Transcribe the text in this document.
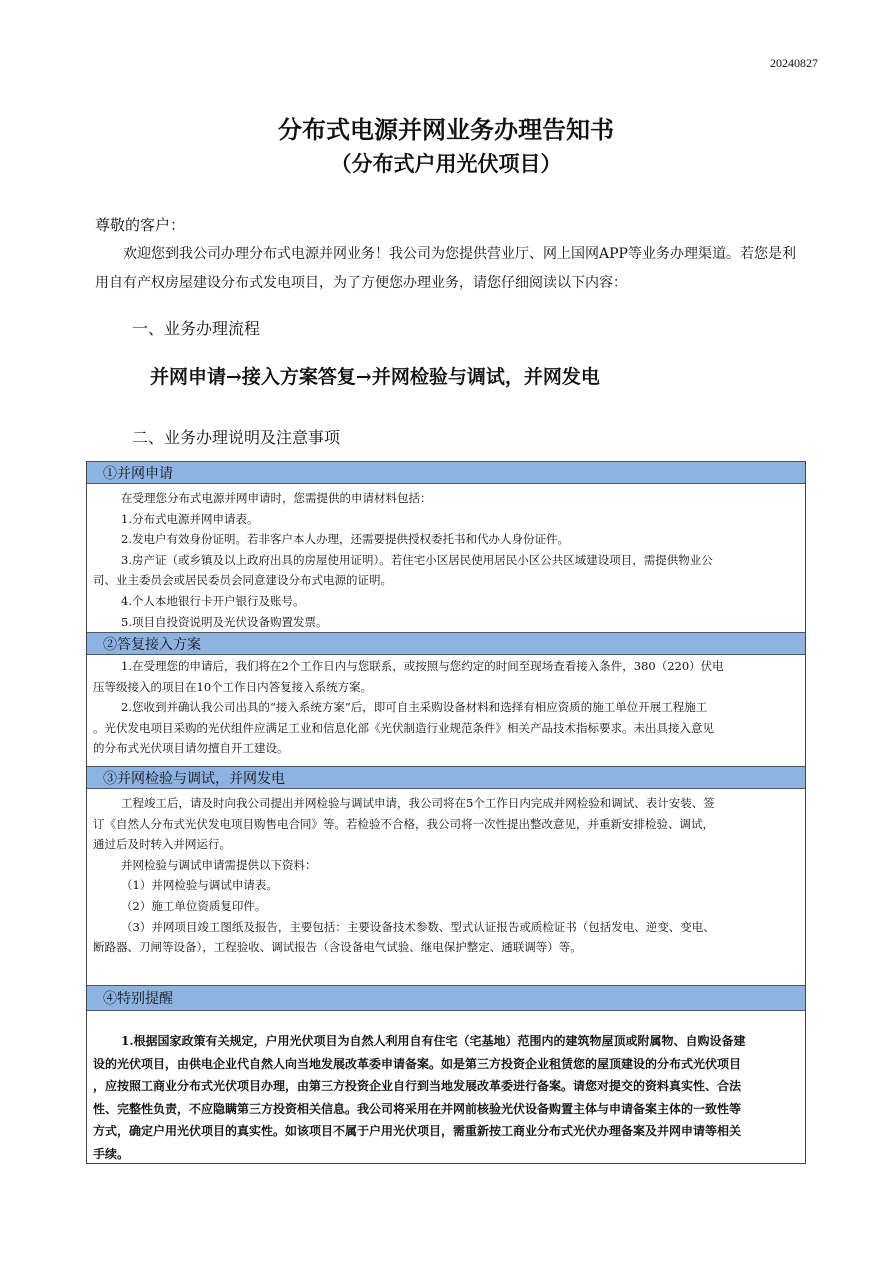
20240827
分布式电源并网业务办理告知书
（分布式户用光伏项目）
尊敬的客户：
欢迎您到我公司办理分布式电源并网业务！我公司为您提供营业厅、网上国网APP等业务办理渠道。若您是利
用自有产权房屋建设分布式发电项目，为了方便您办理业务，请您仔细阅读以下内容：
一、业务办理流程
并网申请→接入方案答复→并网检验与调试，并网发电
二、业务办理说明及注意事项
①并网申请
在受理您分布式电源并网申请时，您需提供的申请材料包括：
1.分布式电源并网申请表。
2.发电户有效身份证明。若非客户本人办理，还需要提供授权委托书和代办人身份证件。
3.房产证（或乡镇及以上政府出具的房屋使用证明）。若住宅小区居民使用居民小区公共区域建设项目，需提供物业公
司、业主委员会或居民委员会同意建设分布式电源的证明。
4.个人本地银行卡开户银行及账号。
5.项目自投资说明及光伏设备购置发票。
②答复接入方案
1.在受理您的申请后，我们将在2个工作日内与您联系，或按照与您约定的时间至现场查看接入条件，380（220）伏电
压等级接入的项目在10个工作日内答复接入系统方案。
2.您收到并确认我公司出具的“接入系统方案”后，即可自主采购设备材料和选择有相应资质的施工单位开展工程施工
。光伏发电项目采购的光伏组件应满足工业和信息化部《光伏制造行业规范条件》相关产品技术指标要求。未出具接入意见
的分布式光伏项目请勿擅自开工建设。
③并网检验与调试，并网发电
工程竣工后，请及时向我公司提出并网检验与调试申请，我公司将在5个工作日内完成并网检验和调试、表计安装、签
订《自然人分布式光伏发电项目购售电合同》等。若检验不合格，我公司将一次性提出整改意见，并重新安排检验、调试，
通过后及时转入并网运行。
并网检验与调试申请需提供以下资料：
（1）并网检验与调试申请表。
（2）施工单位资质复印件。
（3）并网项目竣工图纸及报告，主要包括：主要设备技术参数、型式认证报告或质检证书（包括发电、逆变、变电、
断路器、刀闸等设备），工程验收、调试报告（含设备电气试验、继电保护整定、通联调等）等。
④特别提醒
1.根据国家政策有关规定，户用光伏项目为自然人利用自有住宅（宅基地）范围内的建筑物屋顶或附属物、自购设备建
设的光伏项目，由供电企业代自然人向当地发展改革委申请备案。如是第三方投资企业租赁您的屋顶建设的分布式光伏项目
，应按照工商业分布式光伏项目办理，由第三方投资企业自行到当地发展改革委进行备案。请您对提交的资料真实性、合法
性、完整性负责，不应隐瞒第三方投资相关信息。我公司将采用在并网前核验光伏设备购置主体与申请备案主体的一致性等
方式，确定户用光伏项目的真实性。如该项目不属于户用光伏项目，需重新按工商业分布式光伏办理备案及并网申请等相关
手续。
